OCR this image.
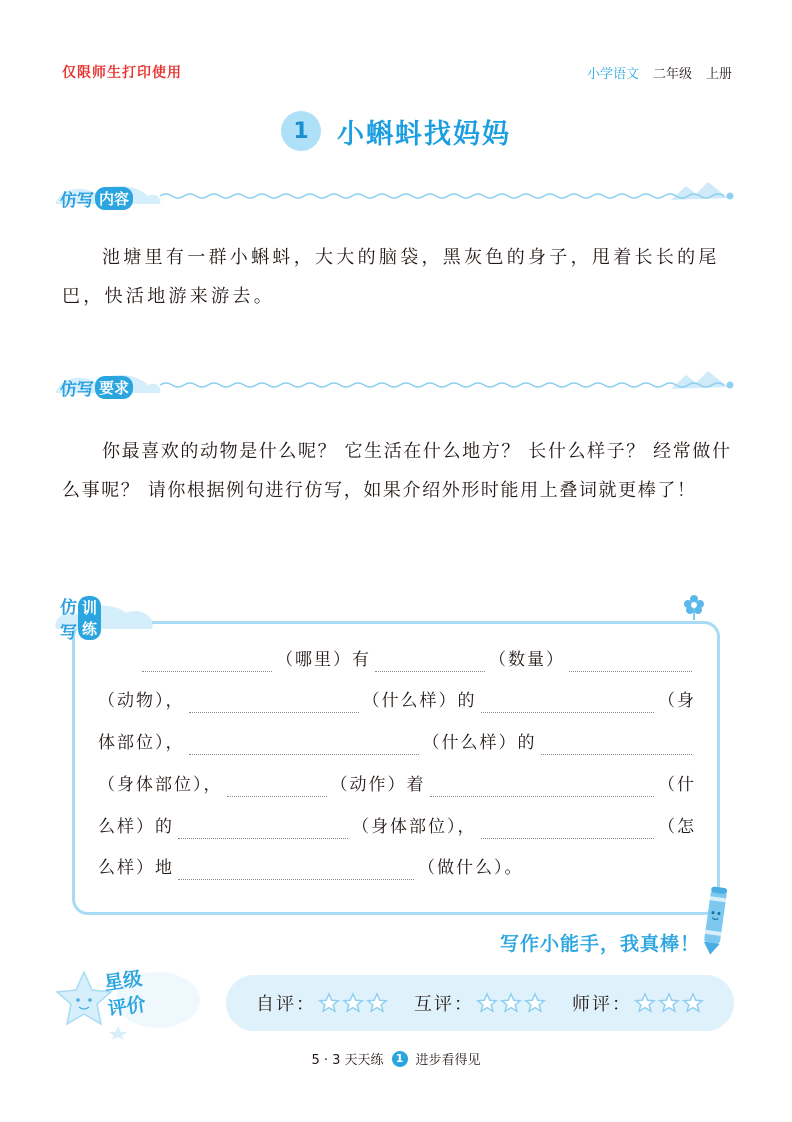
仅限师生打印使用	小学语文 二年级 上册
1	小蝌蚪找妈妈
仿写 内容
池塘里有一群小蝌蚪，大大的脑袋，黑灰色的身子，甩着长长的尾巴，快活地游来游去。
仿写 要求
你最喜欢的动物是什么呢？ 它生活在什么地方？ 长什么样子？ 经常做什么事呢？ 请你根据例句进行仿写，如果介绍外形时能用上叠词就更棒了！
仿写
训练
（哪里）有	（数量）
（动物），	（什么样）的	（身
体部位），	（什么样）的
（身体部位），	（动作）着	（什
么样）的	（身体部位），	（怎
么样）地	（做什么）。
写作小能手，我真棒！
星级
评价	自评：	互评：	师评：
5 · 3 天天练	1 进步看得见
